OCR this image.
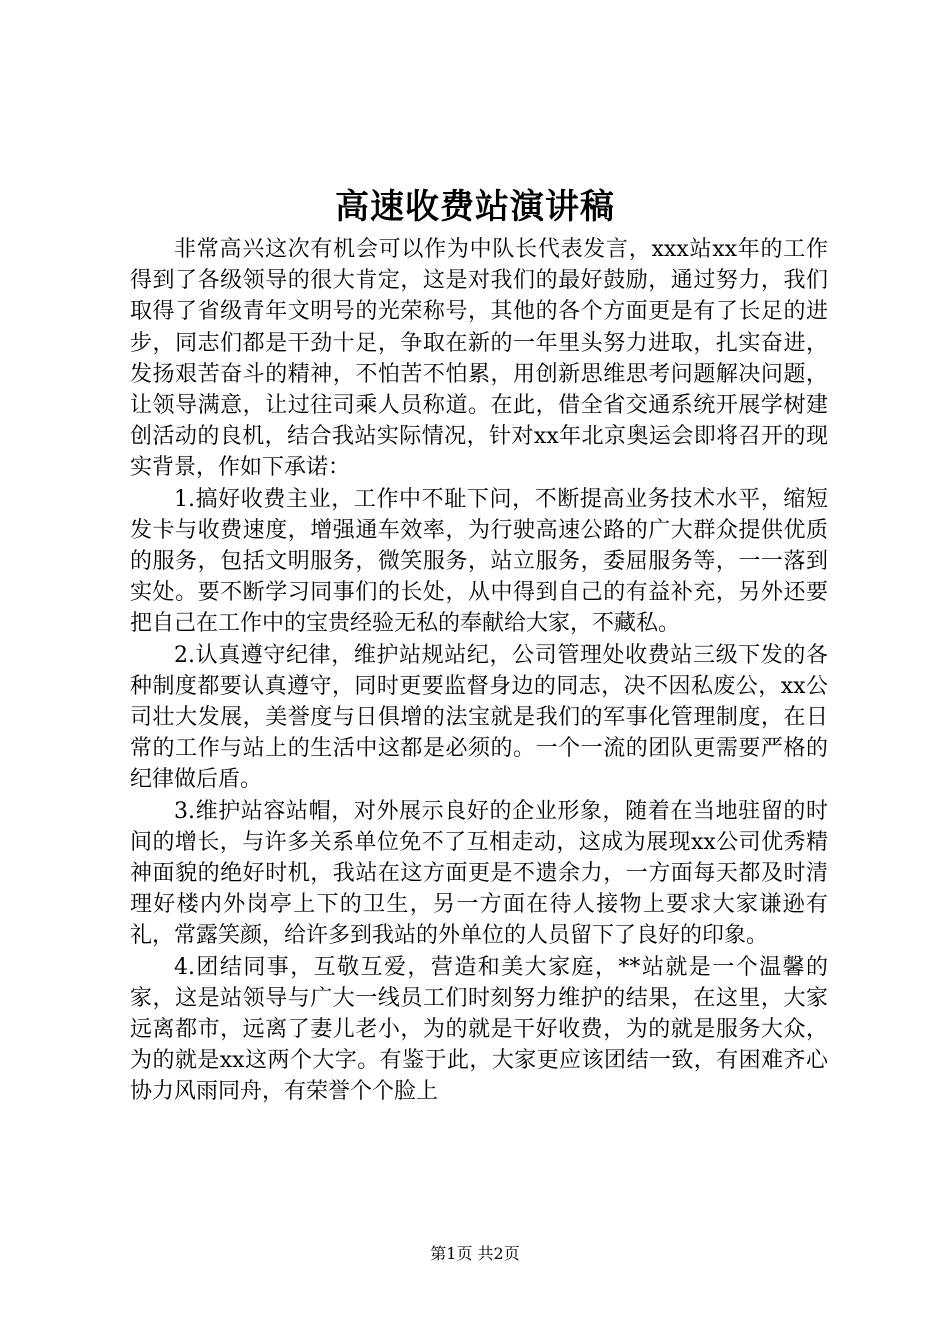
高速收费站演讲稿

非常高兴这次有机会可以作为中队长代表发言，xxx站xx年的工作得到了各级领导的很大肯定，这是对我们的最好鼓励，通过努力，我们取得了省级青年文明号的光荣称号，其他的各个方面更是有了长足的进步，同志们都是干劲十足，争取在新的一年里头努力进取，扎实奋进，发扬艰苦奋斗的精神，不怕苦不怕累，用创新思维思考问题解决问题，让领导满意，让过往司乘人员称道。在此，借全省交通系统开展学树建创活动的良机，结合我站实际情况，针对xx年北京奥运会即将召开的现实背景，作如下承诺：

1.搞好收费主业，工作中不耻下问，不断提高业务技术水平，缩短发卡与收费速度，增强通车效率，为行驶高速公路的广大群众提供优质的服务，包括文明服务，微笑服务，站立服务，委屈服务等，一一落到实处。要不断学习同事们的长处，从中得到自己的有益补充，另外还要把自己在工作中的宝贵经验无私的奉献给大家，不藏私。

2.认真遵守纪律，维护站规站纪，公司管理处收费站三级下发的各种制度都要认真遵守，同时更要监督身边的同志，决不因私废公，xx公司壮大发展，美誉度与日俱增的法宝就是我们的军事化管理制度，在日常的工作与站上的生活中这都是必须的。一个一流的团队更需要严格的纪律做后盾。

3.维护站容站帽，对外展示良好的企业形象，随着在当地驻留的时间的增长，与许多关系单位免不了互相走动，这成为展现xx公司优秀精神面貌的绝好时机，我站在这方面更是不遗余力，一方面每天都及时清理好楼内外岗亭上下的卫生，另一方面在待人接物上要求大家谦逊有礼，常露笑颜，给许多到我站的外单位的人员留下了良好的印象。

4.团结同事，互敬互爱，营造和美大家庭，**站就是一个温馨的家，这是站领导与广大一线员工们时刻努力维护的结果，在这里，大家远离都市，远离了妻儿老小，为的就是干好收费，为的就是服务大众，为的就是xx这两个大字。有鉴于此，大家更应该团结一致，有困难齐心协力风雨同舟，有荣誉个个脸上

第1页 共2页
